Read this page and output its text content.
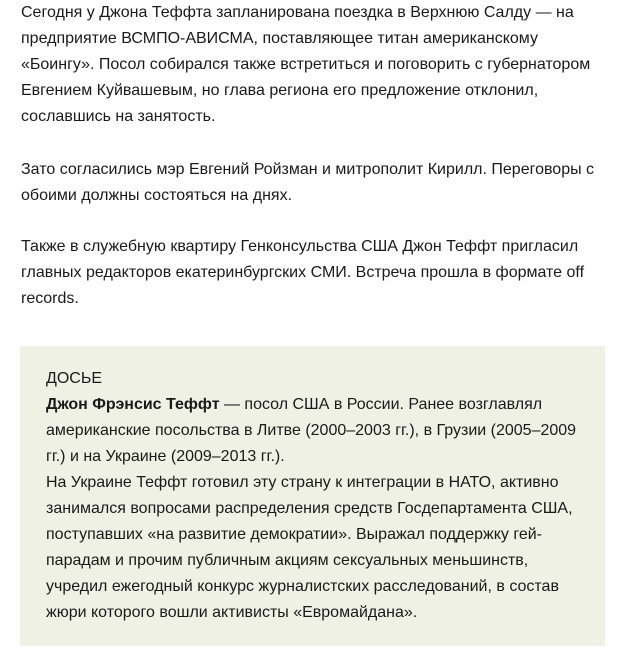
Сегодня у Джона Теффта запланирована поездка в Верхнюю Салду — на предприятие ВСМПО-АВИСМА, поставляющее титан американскому «Боингу». Посол собирался также встретиться и поговорить с губернатором Евгением Куйвашевым, но глава региона его предложение отклонил, сославшись на занятость.

Зато согласились мэр Евгений Ройзман и митрополит Кирилл. Переговоры с обоими должны состояться на днях.

Также в служебную квартиру Генконсульства США Джон Теффт пригласил главных редакторов екатеринбургских СМИ. Встреча прошла в формате off records.

ДОСЬЕ

Джон Фрэнсис Теффт — посол США в России. Ранее возглавлял американские посольства в Литве (2000–2003 гг.), в Грузии (2005–2009 гг.) и на Украине (2009–2013 гг.).

На Украине Теффт готовил эту страну к интеграции в НАТО, активно занимался вопросами распределения средств Госдепартамента США, поступавших «на развитие демократии». Выражал поддержку гей-парадам и прочим публичным акциям сексуальных меньшинств, учредил ежегодный конкурс журналистских расследований, в состав жюри которого вошли активисты «Евромайдана».
